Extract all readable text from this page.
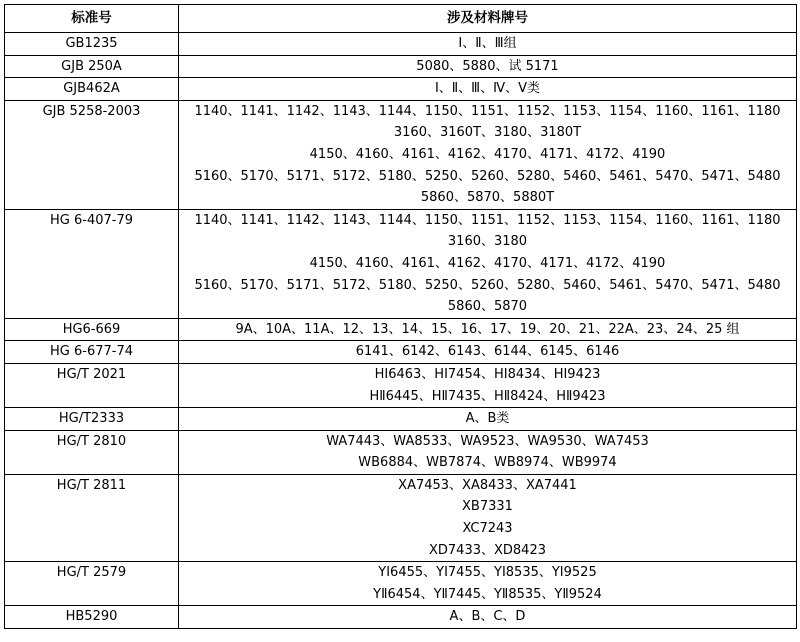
标准号	涉及材料牌号
GB1235	Ⅰ、Ⅱ、Ⅲ组

GJB 250A	5080、5880、试 5171

GJB462A	Ⅰ、Ⅱ、Ⅲ、Ⅳ、Ⅴ类

GJB 5258-2003	1140、1141、1142、1143、1144、1150、1151、1152、1153、1154、1160、1161、1180
3160、3160T、3180、3180T
4150、4160、4161、4162、4170、4171、4172、4190
5160、5170、5171、5172、5180、5250、5260、5280、5460、5461、5470、5471、5480
5860、5870、5880T

HG 6-407-79	1140、1141、1142、1143、1144、1150、1151、1152、1153、1154、1160、1161、1180
3160、3180
4150、4160、4161、4162、4170、4171、4172、4190
5160、5170、5171、5172、5180、5250、5260、5280、5460、5461、5470、5471、5480
5860、5870

HG6-669	9A、10A、11A、12、13、14、15、16、17、19、20、21、22A、23、24、25 组

HG 6-677-74	6141、6142、6143、6144、6145、6146

HG/T 2021	HⅠ6463、HⅠ7454、HⅠ8434、HⅠ9423
HⅡ6445、HⅡ7435、HⅡ8424、HⅡ9423

HG/T2333	A、B类

HG/T 2810	WA7443、WA8533、WA9523、WA9530、WA7453
WB6884、WB7874、WB8974、WB9974

HG/T 2811	XA7453、XA8433、XA7441
XB7331
XC7243
XD7433、XD8423

HG/T 2579	YⅠ6455、YⅠ7455、YⅠ8535、YⅠ9525
YⅡ6454、YⅡ7445、YⅡ8535、YⅡ9524

HB5290	A、B、C、D
